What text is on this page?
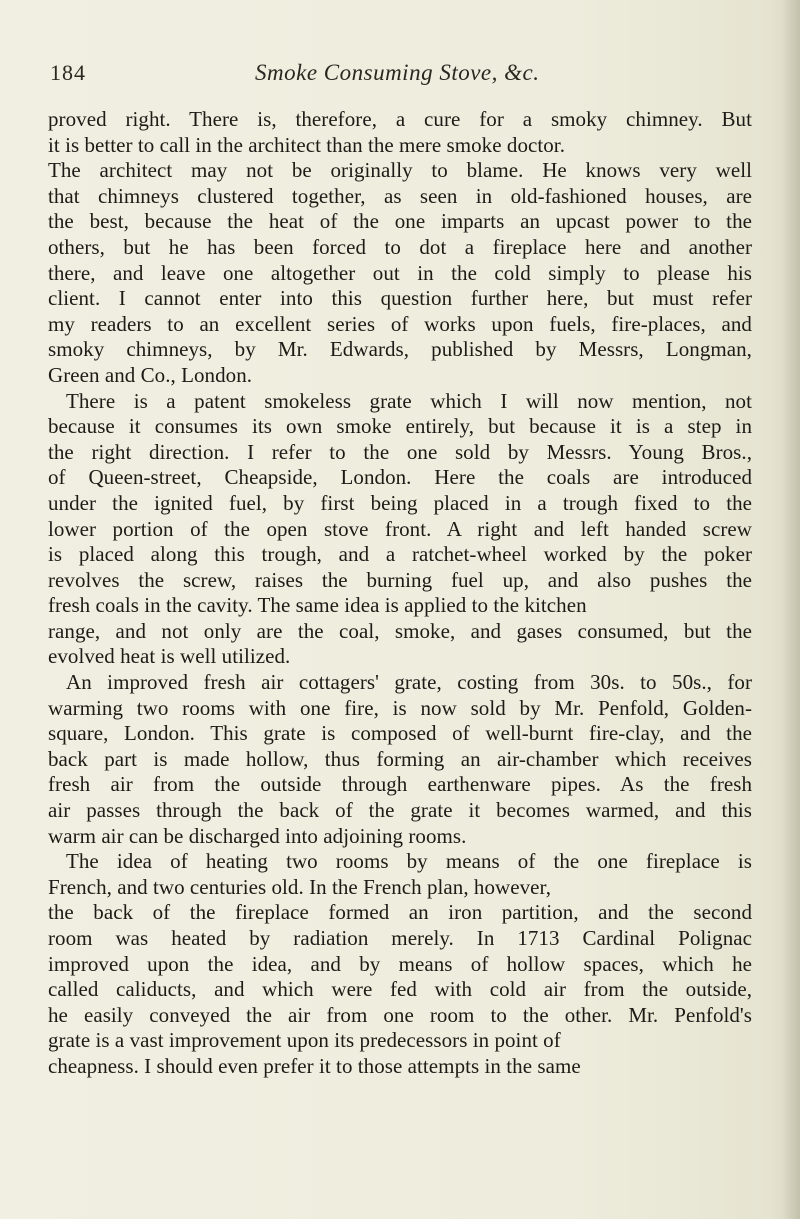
184	Smoke Consuming Stove, &c.
proved right. There is, therefore, a cure for a smoky chimney. But
it is better to call in the architect than the mere smoke doctor.
The architect may not be originally to blame. He knows very well
that chimneys clustered together, as seen in old-fashioned houses, are
the best, because the heat of the one imparts an upcast power to the
others, but he has been forced to dot a fireplace here and another
there, and leave one altogether out in the cold simply to please his
client. I cannot enter into this question further here, but must refer
my readers to an excellent series of works upon fuels, fire-places, and
smoky chimneys, by Mr. Edwards, published by Messrs, Longman,
Green and Co., London.
There is a patent smokeless grate which I will now mention, not
because it consumes its own smoke entirely, but because it is a step in
the right direction. I refer to the one sold by Messrs. Young Bros.,
of Queen-street, Cheapside, London. Here the coals are introduced
under the ignited fuel, by first being placed in a trough fixed to the
lower portion of the open stove front. A right and left handed screw
is placed along this trough, and a ratchet-wheel worked by the poker
revolves the screw, raises the burning fuel up, and also pushes the
fresh coals in the cavity. The same idea is applied to the kitchen
range, and not only are the coal, smoke, and gases consumed, but the
evolved heat is well utilized.
An improved fresh air cottagers' grate, costing from 30s. to 50s., for
warming two rooms with one fire, is now sold by Mr. Penfold, Golden-
square, London. This grate is composed of well-burnt fire-clay, and the
back part is made hollow, thus forming an air-chamber which receives
fresh air from the outside through earthenware pipes. As the fresh
air passes through the back of the grate it becomes warmed, and this
warm air can be discharged into adjoining rooms.
The idea of heating two rooms by means of the one fireplace is
French, and two centuries old. In the French plan, however,
the back of the fireplace formed an iron partition, and the second
room was heated by radiation merely. In 1713 Cardinal Polignac
improved upon the idea, and by means of hollow spaces, which he
called caliducts, and which were fed with cold air from the outside,
he easily conveyed the air from one room to the other. Mr. Penfold's
grate is a vast improvement upon its predecessors in point of
cheapness. I should even prefer it to those attempts in the same
